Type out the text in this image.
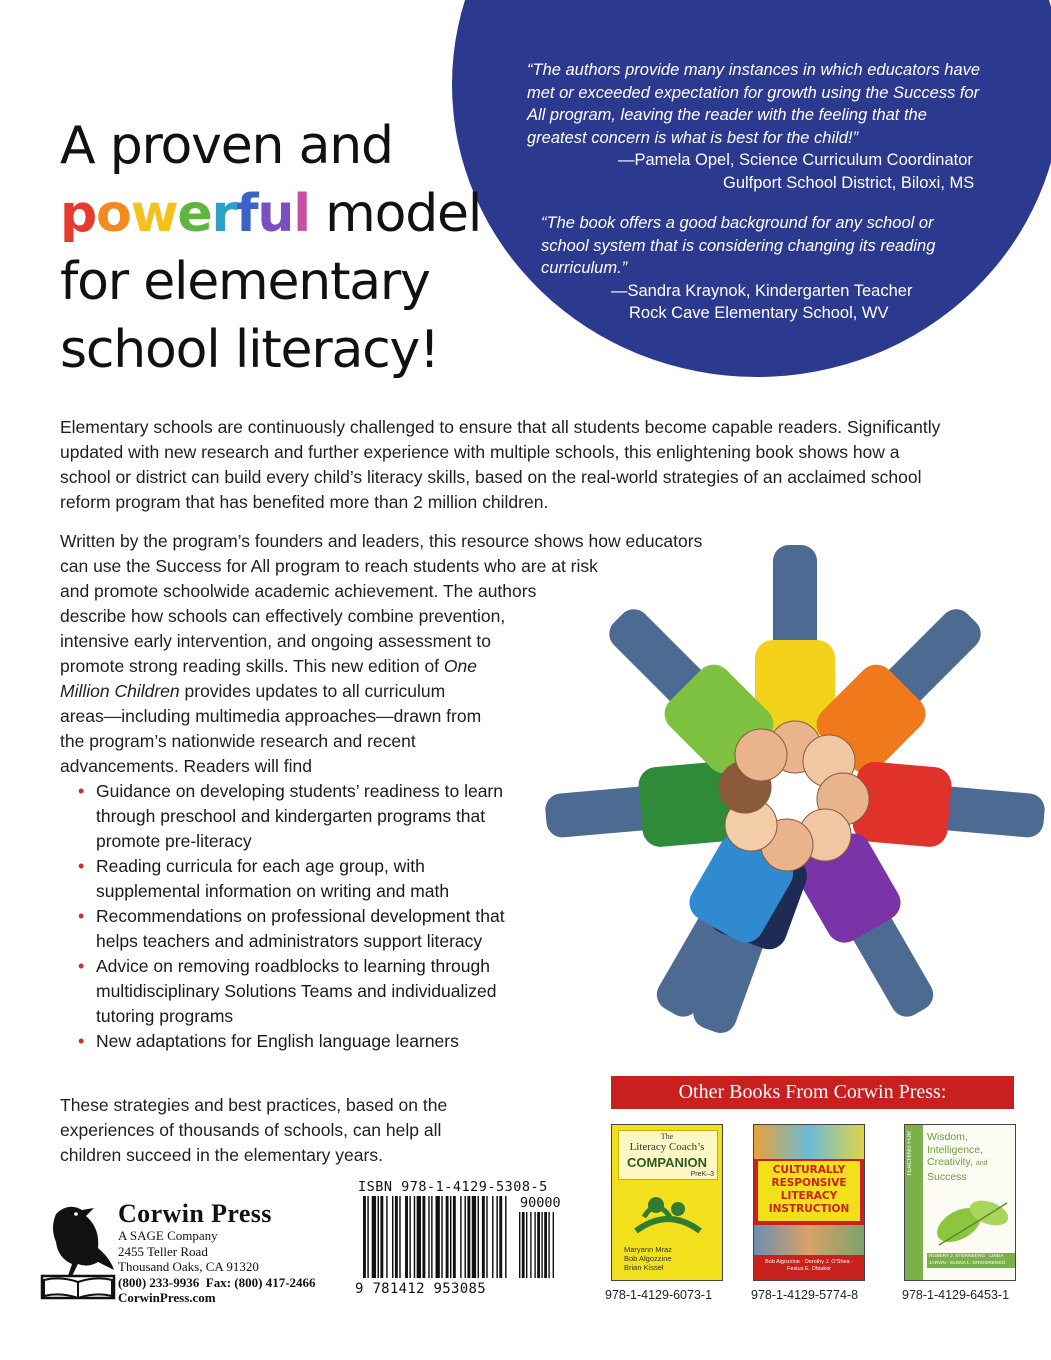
“The authors provide many instances in which educators have met or exceeded expectation for growth using the Success for All program, leaving the reader with the feeling that the greatest concern is what is best for the child!”
—Pamela Opel, Science Curriculum Coordinator
Gulfport School District, Biloxi, MS
“The book offers a good background for any school or school system that is considering changing its reading curriculum.”
—Sandra Kraynok, Kindergarten Teacher
Rock Cave Elementary School, WV
A proven and
powerful model
for elementary
school literacy!
Elementary schools are continuously challenged to ensure that all students become capable readers. Significantly updated with new research and further experience with multiple schools, this enlightening book shows how a school or district can build every child’s literacy skills, based on the real-world strategies of an acclaimed school reform program that has benefited more than 2 million children.
Written by the program’s founders and leaders, this resource shows how educators
can use the Success for All program to reach students who are at risk
and promote schoolwide academic achievement. The authors
describe how schools can effectively combine prevention,
intensive early intervention, and ongoing assessment to
promote strong reading skills. This new edition of One
Million Children provides updates to all curriculum
areas—including multimedia approaches—drawn from
the program’s nationwide research and recent
advancements. Readers will find
• Guidance on developing students’ readiness to learn through preschool and kindergarten programs that promote pre-literacy
• Reading curricula for each age group, with supplemental information on writing and math
• Recommendations on professional development that helps teachers and administrators support literacy
• Advice on removing roadblocks to learning through multidisciplinary Solutions Teams and individualized tutoring programs
• New adaptations for English language learners
These strategies and best practices, based on the experiences of thousands of schools, can help all children succeed in the elementary years.
Other Books From Corwin Press:
The
Literacy Coach’s
COMPANION
PreK–3
Maryann Mraz
Bob Algozzine
Brian Kissel
978-1-4129-6073-1
CULTURALLY
RESPONSIVE
LITERACY
INSTRUCTION
Bob Algozzine · Dorothy J. O’Shea · Festus E. Obiakor
978-1-4129-5774-8
TEACHING FOR Wisdom,
Intelligence,
Creativity, and
Success
ROBERT J. STERNBERG · LINDA JARVIN · ELENA L. GRIGORENKO
978-1-4129-6453-1
Corwin Press
A SAGE Company
2455 Teller Road
Thousand Oaks, CA 91320
(800) 233-9936 Fax: (800) 417-2466
CorwinPress.com
ISBN 978-1-4129-5308-5
90000
9 781412 953085
